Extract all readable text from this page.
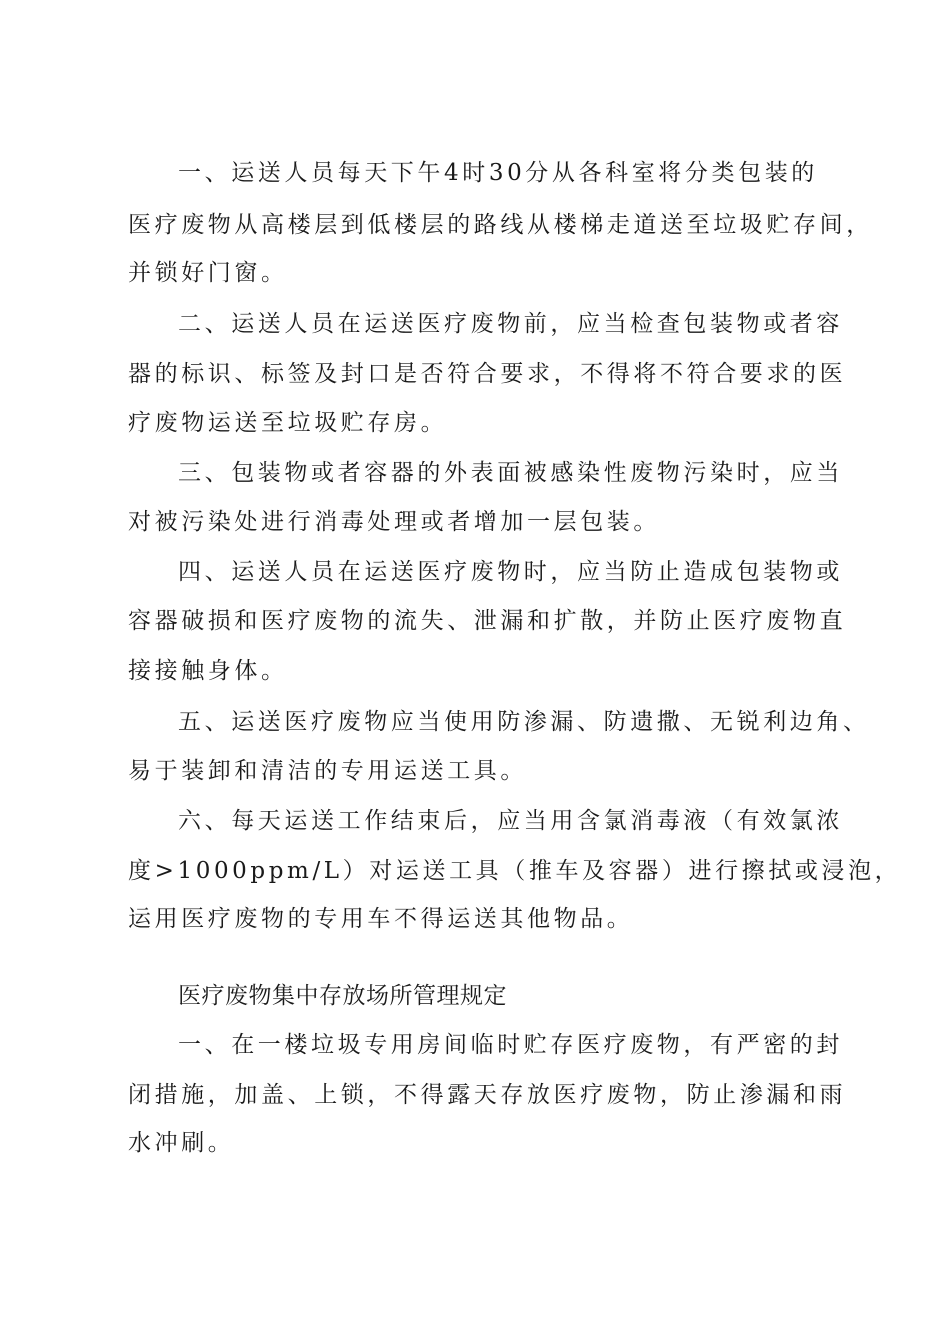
一、运送人员每天下午4时30分从各科室将分类包装的
医疗废物从高楼层到低楼层的路线从楼梯走道送至垃圾贮存间，
并锁好门窗。
二、运送人员在运送医疗废物前，应当检查包装物或者容
器的标识、标签及封口是否符合要求，不得将不符合要求的医
疗废物运送至垃圾贮存房。
三、包装物或者容器的外表面被感染性废物污染时，应当
对被污染处进行消毒处理或者增加一层包装。
四、运送人员在运送医疗废物时，应当防止造成包装物或
容器破损和医疗废物的流失、泄漏和扩散，并防止医疗废物直
接接触身体。
五、运送医疗废物应当使用防渗漏、防遗撒、无锐利边角、
易于装卸和清洁的专用运送工具。
六、每天运送工作结束后，应当用含氯消毒液（有效氯浓
度>1000ppm/L）对运送工具（推车及容器）进行擦拭或浸泡，
运用医疗废物的专用车不得运送其他物品。
医疗废物集中存放场所管理规定
一、在一楼垃圾专用房间临时贮存医疗废物，有严密的封
闭措施，加盖、上锁，不得露天存放医疗废物，防止渗漏和雨
水冲刷。
